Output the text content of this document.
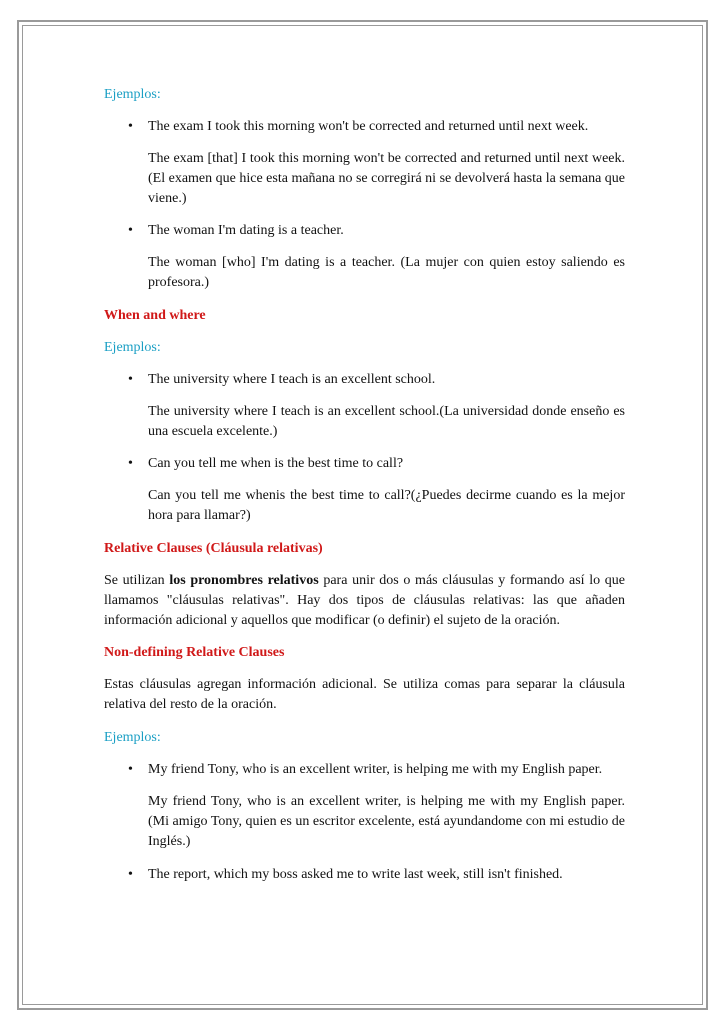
Ejemplos:

• The exam I took this morning won't be corrected and returned until next week.

The exam [that] I took this morning won't be corrected and returned until next week. (El examen que hice esta mañana no se corregirá ni se devolverá hasta la semana que viene.)

• The woman I'm dating is a teacher.

The woman [who] I'm dating is a teacher. (La mujer con quien estoy saliendo es profesora.)

When and where

Ejemplos:

• The university where I teach is an excellent school.

The university where I teach is an excellent school.(La universidad donde enseño es una escuela excelente.)

• Can you tell me when is the best time to call?

Can you tell me whenis the best time to call?(¿Puedes decirme cuando es la mejor hora para llamar?)

Relative Clauses (Cláusula relativas)

Se utilizan los pronombres relativos para unir dos o más cláusulas y formando así lo que llamamos "cláusulas relativas". Hay dos tipos de cláusulas relativas: las que añaden información adicional y aquellos que modificar (o definir) el sujeto de la oración.

Non-defining Relative Clauses

Estas cláusulas agregan información adicional. Se utiliza comas para separar la cláusula relativa del resto de la oración.

Ejemplos:

• My friend Tony, who is an excellent writer, is helping me with my English paper.

My friend Tony, who is an excellent writer, is helping me with my English paper. (Mi amigo Tony, quien es un escritor excelente, está ayundandome con mi estudio de Inglés.)

• The report, which my boss asked me to write last week, still isn't finished.
